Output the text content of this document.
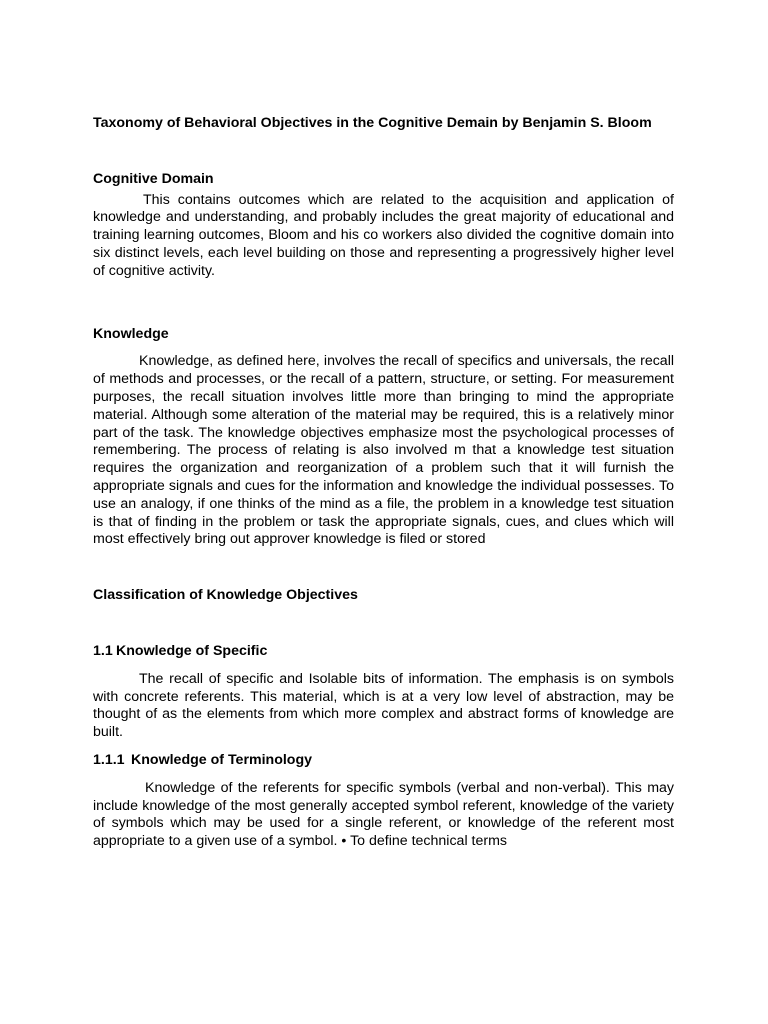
Taxonomy of Behavioral Objectives in the Cognitive Demain by Benjamin S. Bloom
Cognitive Domain

This contains outcomes which are related to the acquisition and application of knowledge and understanding, and probably includes the great majority of educational and training learning outcomes, Bloom and his co workers also divided the cognitive domain into six distinct levels, each level building on those and representing a progressively higher level of cognitive activity.

Knowledge

Knowledge, as defined here, involves the recall of specifics and universals, the recall of methods and processes, or the recall of a pattern, structure, or setting. For measurement purposes, the recall situation involves little more than bringing to mind the appropriate material. Although some alteration of the material may be required, this is a relatively minor part of the task. The knowledge objectives emphasize most the psychological processes of remembering. The process of relating is also involved m that a knowledge test situation requires the organization and reorganization of a problem such that it will furnish the appropriate signals and cues for the information and knowledge the individual possesses. To use an analogy, if one thinks of the mind as a file, the problem in a knowledge test situation is that of finding in the problem or task the appropriate signals, cues, and clues which will most effectively bring out approver knowledge is filed or stored

Classification of Knowledge Objectives
1.1 Knowledge of Specific

The recall of specific and Isolable bits of information. The emphasis is on symbols with concrete referents. This material, which is at a very low level of abstraction, may be thought of as the elements from which more complex and abstract forms of knowledge are built.

1.1.1 Knowledge of Terminology

Knowledge of the referents for specific symbols (verbal and non-verbal). This may include knowledge of the most generally accepted symbol referent, knowledge of the variety of symbols which may be used for a single referent, or knowledge of the referent most appropriate to a given use of a symbol. • To define technical terms
